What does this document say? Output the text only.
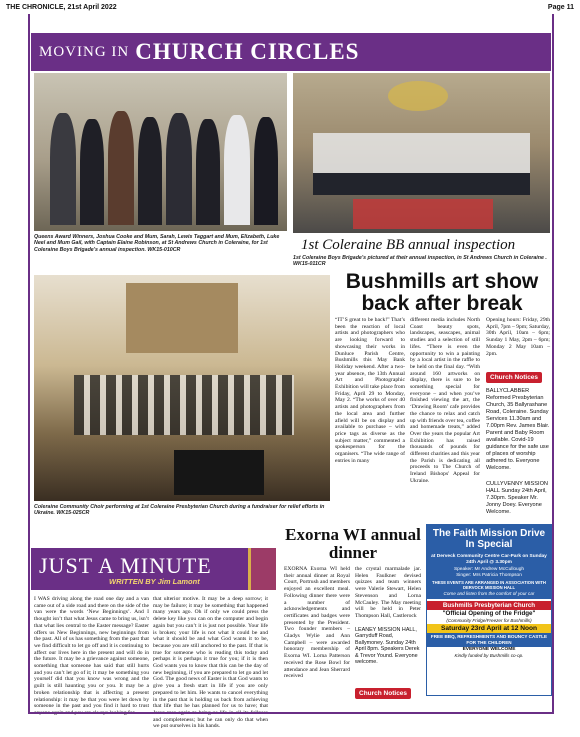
THE CHRONICLE, 21st April 2022	Page 11
MOVING IN CHURCH CIRCLES
Queens Award Winners, Joshua Cooke and Mum, Sarah, Lewis Taggart and Mum, Elizabeth, Luke Neel and Mum Gail, with Captain Elaine Robinson, at St Andrews Church in Coleraine, for 1st Coleraine Boys Brigade's annual inspection. WK15-010CR	1st Coleraine BB annual inspection
1st Coleraine Boys Brigade's pictured at their annual inspection, in St Andrews Church in Coleraine . WK15-011CR
Coleraine Community Choir performing at 1st Coleraine Presbyterian Church during a fundraiser for relief efforts in Ukraine. WK15-025CR
Bushmills art show back after break
“IT’S great to be back!” That’s been the reaction of local artists and photographers who are looking forward to showcasing their works in Dunluce Parish Centre, Bushmills this May Bank Holiday weekend. After a two-year absence, the 13th Annual Art and Photographic Exhibition will take place from Friday, April 29 to Monday, May 2. “The works of over 40 artists and photographers from the local area and further afield will be on display and available to purchase – with price tags as diverse as the subject matter,” commented a spokesperson for the organisers. “The wide range of entries in many
different media includes North Coast beauty spots, landscapes, seascapes, animal studies and a selection of still lifes. “There is even the opportunity to win a painting by a local artist in the raffle to be held on the final day. “With around 160 artworks on display, there is sure to be something special for everyone – and when you’ve finished viewing the art, the ‘Drawing Room’ cafe provides the chance to relax and catch up with friends over tea, coffee and homemade treats,” added Over the years the popular Art Exhibition has raised thousands of pounds for different charities and this year the Parish is dedicating all proceeds to The Church of Ireland Bishops' Appeal for Ukraine.
Opening hours: Friday, 29th April, 7pm – 9pm; Saturday, 30th April, 10am – 6pm; Sunday 1 May, 2pm – 6pm; Monday 2 May 10am – 2pm.
Church Notices
BALLYCLABBER Reformed Presbyterian Church, 35 Ballyrashane Road, Coleraine. Sunday Services 11.30am and 7.00pm Rev. James Blair. Parent and Baby Room available. Covid-19 guidance for the safe use of places of worship adhered to. Everyone Welcome.
CULLYVENNY MISSION HALL Sunday 24th April, 7.30pm. Speaker Mr. Jonny Doey. Everyone Welcome.
JUST A MINUTE
WRITTEN BY Jim Lamont
I WAS driving along the road one day and a van came out of a side road and there on the side of the van were the words ‘New Beginnings’. And I thought isn’t that what Jesus came to bring us, isn’t that what lies central to the Easter message? Easter offers us New Beginnings, new beginnings from the past. All of us has something from the past that we find difficult to let go off and it is continuing to affect our lives here in the present and will do in the future. It may be a grievance against someone, something that someone has said that still hurts and you can’t let go of it; it may be something you yourself did that you know was wrong and the guilt is still haunting you or you. It may be a broken relationship that is affecting a present relationship: it may be that you were let down by someone in the past and you find it hard to trust
that ulterior motive. It may be a deep sorrow; it may be failure; it may be something that happened many years ago. Oh if only we could press the delete key like you can on the computer and begin again but you can’t it is just not possible. Your life is broken; your life is not what it could be and what it should be and what God wants it to be, because you are still anchored to the past. If that is true for someone who is reading this today and perhaps it is perhaps it true for you; if it is then God wants you to know that this can be the day of new beginning, if you are prepared to let go and let God. The good news of Easter is that God wants to give you a fresh start in life if you are only prepared to let him. He wants to cancel everything in the past that is holding us back from achieving that life that he has planned for us to have; that and completeness; but he can only do that when we put ourselves in his hands.
Exorna WI annual dinner
EXORNA Exorna WI held their annual dinner at Royal Court, Portrush and members enjoyed an excellent meal. Following dinner there were a number of acknowledgements and certificates and badges were presented by the President. Two founder members – Gladys Wylie and Ann Campbell – were awarded honorary membership of Exorna WI. Lorna Patterson received the Rose Bowl for attendance and Jean Sherrard received
the crystal marmalade jar. Helen Faulkner devised quizzes and team winners were Valerie Stewart, Helen Stevenson and Lorna McCauley. The May meeting will be held in Peter Thompson Hall, Castlerock
LEANEY MISSION HALL, Garryduff Road, Ballymoney. Sunday 24th April 8pm. Speakers Derek & Trevor Yound. Everyone welcome.
Church Notices
The Faith Mission Drive In Special
at Derveck Community Centre Car-Park on Sunday 24th April @ 3.30pm
Speaker: Mr Andrew McCullough
Singer: Mrs Patricia Thompson
THESE EVENTS ARE ARRANGED IN ASSOCIATION WITH DERVOCK MISSION HALL
Come and listen from the comfort of your car
Bushmills Presbyterian Church
"Official Opening of the Fridge"
(Community Fridge/Freezer for Bushmills)
Saturday 23rd April at 12 Noon
FREE BBQ, REFRESHMENTS AND BOUNCY CASTLE FOR THE CHILDREN
EVERYONE WELCOME
Kindly funded by Bushmills co-op.
